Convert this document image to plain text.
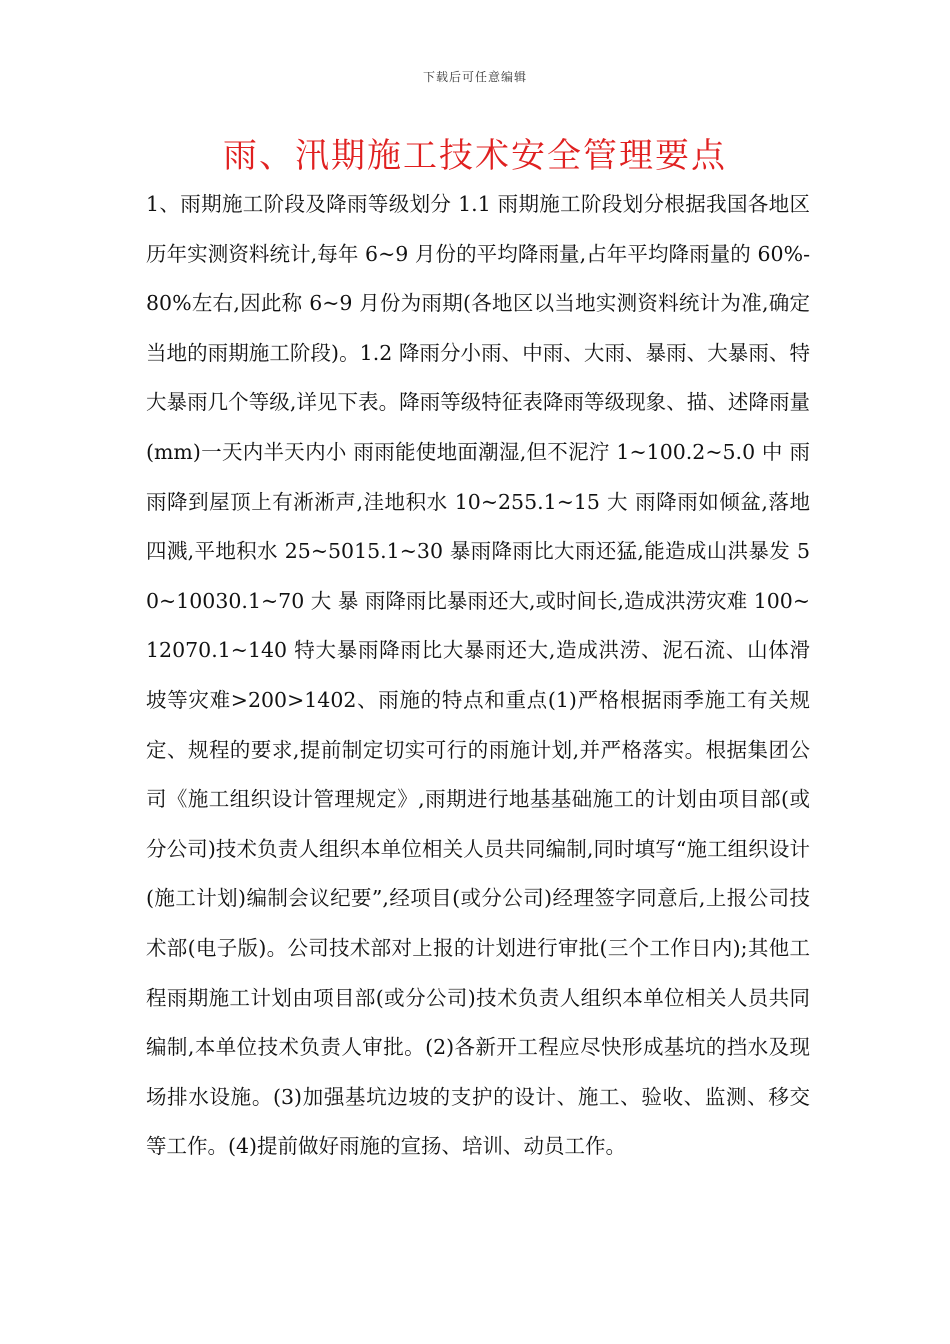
下载后可任意编辑
雨、汛期施工技术安全管理要点

1、雨期施工阶段及降雨等级划分 1.1 雨期施工阶段划分根据我国各地区历年实测资料统计,每年 6~9 月份的平均降雨量,占年平均降雨量的 60%-80%左右,因此称 6~9 月份为雨期(各地区以当地实测资料统计为准,确定当地的雨期施工阶段)。1.2 降雨分小雨、中雨、大雨、暴雨、大暴雨、特大暴雨几个等级,详见下表。降雨等级特征表降雨等级现象、描、述降雨量(mm)一天内半天内小 雨雨能使地面潮湿,但不泥泞 1~100.2~5.0 中 雨雨降到屋顶上有淅淅声,洼地积水 10~255.1~15 大 雨降雨如倾盆,落地四溅,平地积水 25~5015.1~30 暴雨降雨比大雨还猛,能造成山洪暴发 50~10030.1~70 大 暴 雨降雨比暴雨还大,或时间长,造成洪涝灾难 100~12070.1~140 特大暴雨降雨比大暴雨还大,造成洪涝、泥石流、山体滑坡等灾难>200>1402、雨施的特点和重点(1)严格根据雨季施工有关规定、规程的要求,提前制定切实可行的雨施计划,并严格落实。根据集团公司《施工组织设计管理规定》,雨期进行地基基础施工的计划由项目部(或分公司)技术负责人组织本单位相关人员共同编制,同时填写“施工组织设计(施工计划)编制会议纪要”,经项目(或分公司)经理签字同意后,上报公司技术部(电子版)。公司技术部对上报的计划进行审批(三个工作日内);其他工程雨期施工计划由项目部(或分公司)技术负责人组织本单位相关人员共同编制,本单位技术负责人审批。(2)各新开工程应尽快形成基坑的挡水及现场排水设施。(3)加强基坑边坡的支护的设计、施工、验收、监测、移交等工作。(4)提前做好雨施的宣扬、培训、动员工作。
